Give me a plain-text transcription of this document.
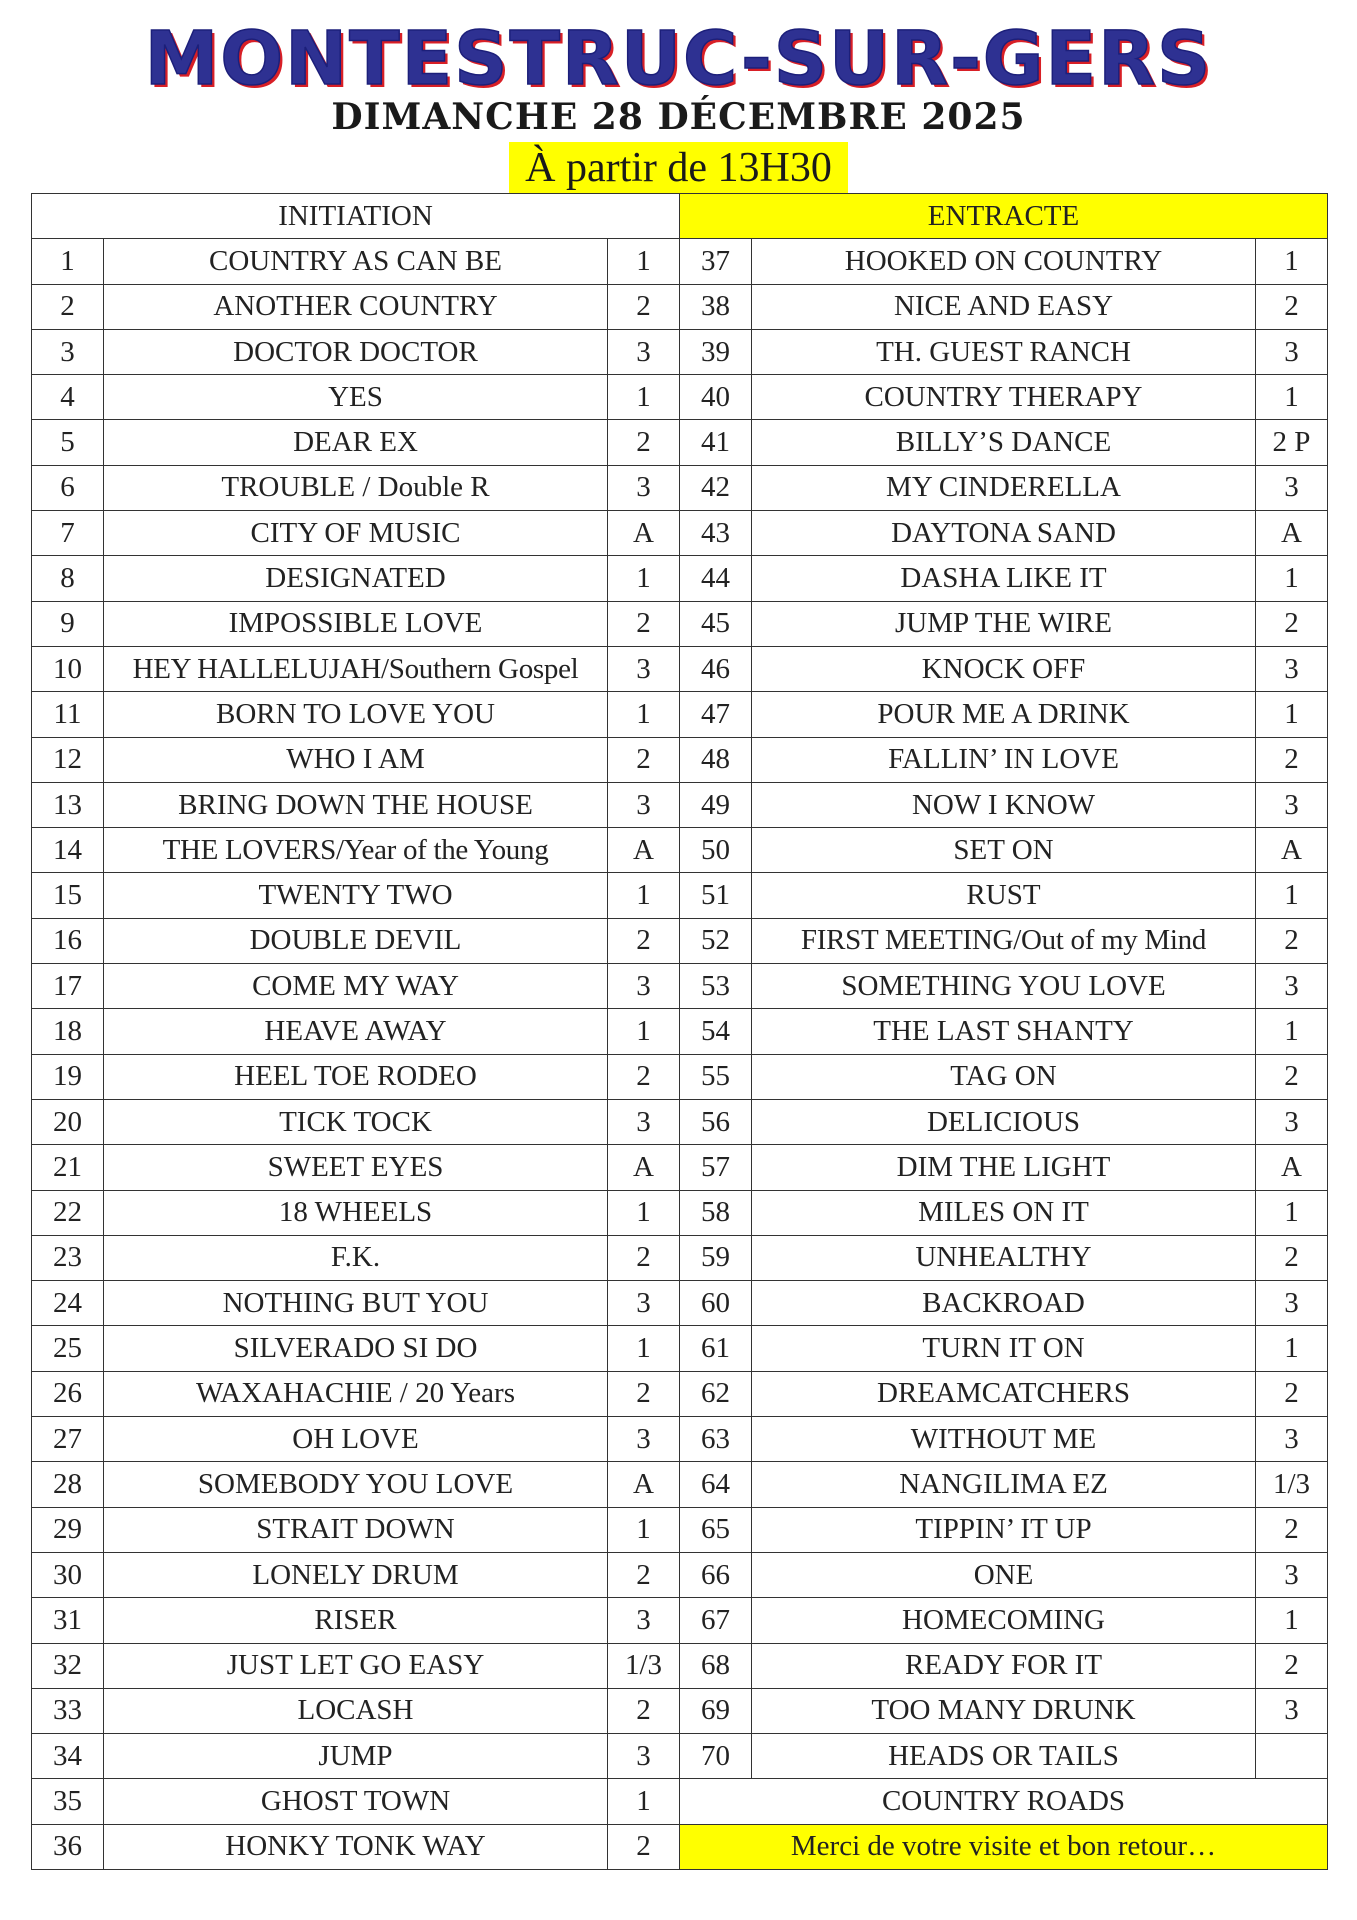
MONTESTRUC-SUR-GERS
DIMANCHE 28 DÉCEMBRE 2025
À partir de 13H30
INITIATION			ENTRACTE		
1	COUNTRY AS CAN BE	1	37	HOOKED ON COUNTRY	1
2	ANOTHER COUNTRY	2	38	NICE AND EASY	2
3	DOCTOR DOCTOR	3	39	TH. GUEST RANCH	3
4	YES	1	40	COUNTRY THERAPY	1
5	DEAR EX	2	41	BILLY’S DANCE	2 P
6	TROUBLE / Double R	3	42	MY CINDERELLA	3
7	CITY OF MUSIC	A	43	DAYTONA SAND	A
8	DESIGNATED	1	44	DASHA LIKE IT	1
9	IMPOSSIBLE LOVE	2	45	JUMP THE WIRE	2
10	HEY HALLELUJAH/Southern Gospel	3	46	KNOCK OFF	3
11	BORN TO LOVE YOU	1	47	POUR ME A DRINK	1
12	WHO I AM	2	48	FALLIN’ IN LOVE	2
13	BRING DOWN THE HOUSE	3	49	NOW I KNOW	3
14	THE LOVERS/Year of the Young	A	50	SET ON	A
15	TWENTY TWO	1	51	RUST	1
16	DOUBLE DEVIL	2	52	FIRST MEETING/Out of my Mind	2
17	COME MY WAY	3	53	SOMETHING YOU LOVE	3
18	HEAVE AWAY	1	54	THE LAST SHANTY	1
19	HEEL TOE RODEO	2	55	TAG ON	2
20	TICK TOCK	3	56	DELICIOUS	3
21	SWEET EYES	A	57	DIM THE LIGHT	A
22	18 WHEELS	1	58	MILES ON IT	1
23	F.K.	2	59	UNHEALTHY	2
24	NOTHING BUT YOU	3	60	BACKROAD	3
25	SILVERADO SI DO	1	61	TURN IT ON	1
26	WAXAHACHIE / 20 Years	2	62	DREAMCATCHERS	2
27	OH LOVE	3	63	WITHOUT ME	3
28	SOMEBODY YOU LOVE	A	64	NANGILIMA EZ	1/3
29	STRAIT DOWN	1	65	TIPPIN’ IT UP	2
30	LONELY DRUM	2	66	ONE	3
31	RISER	3	67	HOMECOMING	1
32	JUST LET GO EASY	1/3	68	READY FOR IT	2
33	LOCASH	2	69	TOO MANY DRUNK	3
34	JUMP	3	70	HEADS OR TAILS	
35	GHOST TOWN	1	COUNTRY ROADS		
36	HONKY TONK WAY	2	Merci de votre visite et bon retour…		
